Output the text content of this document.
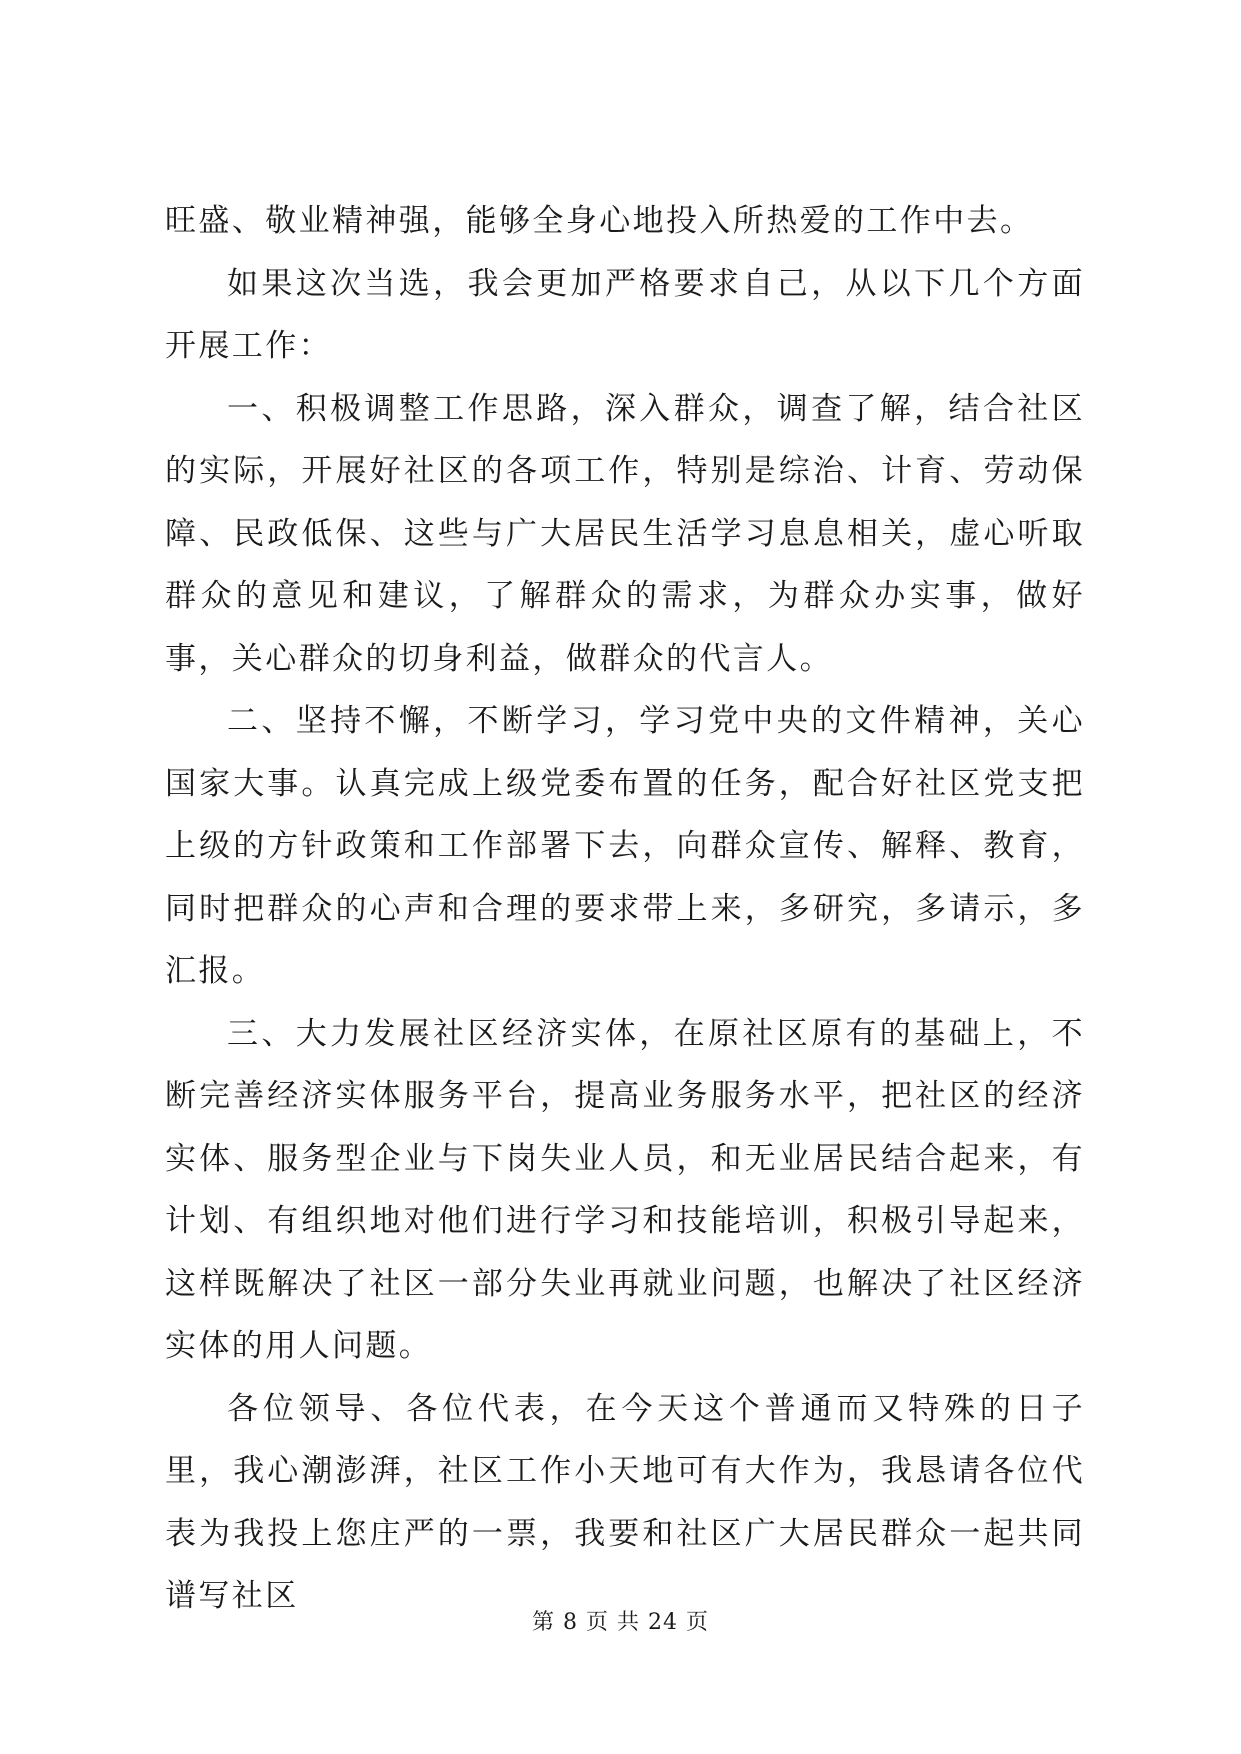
旺盛、敬业精神强，能够全身心地投入所热爱的工作中去。

如果这次当选，我会更加严格要求自己，从以下几个方面开展工作：

一、积极调整工作思路，深入群众，调查了解，结合社区的实际，开展好社区的各项工作，特别是综治、计育、劳动保障、民政低保、这些与广大居民生活学习息息相关，虚心听取群众的意见和建议，了解群众的需求，为群众办实事，做好事，关心群众的切身利益，做群众的代言人。

二、坚持不懈，不断学习，学习党中央的文件精神，关心国家大事。认真完成上级党委布置的任务，配合好社区党支把上级的方针政策和工作部署下去，向群众宣传、解释、教育，同时把群众的心声和合理的要求带上来，多研究，多请示，多汇报。

三、大力发展社区经济实体，在原社区原有的基础上，不断完善经济实体服务平台，提高业务服务水平，把社区的经济实体、服务型企业与下岗失业人员，和无业居民结合起来，有计划、有组织地对他们进行学习和技能培训，积极引导起来，这样既解决了社区一部分失业再就业问题，也解决了社区经济实体的用人问题。

各位领导、各位代表，在今天这个普通而又特殊的日子里，我心潮澎湃，社区工作小天地可有大作为，我恳请各位代表为我投上您庄严的一票，我要和社区广大居民群众一起共同谱写社区

第 8 页 共 24 页
